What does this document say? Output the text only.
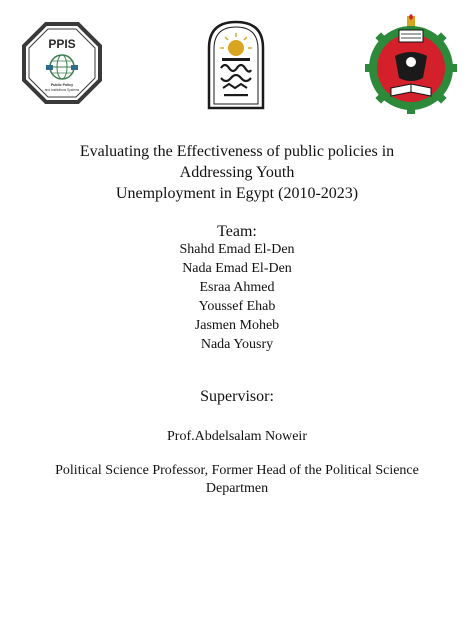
PPIS
Public Policy
and Institutions Systems
Evaluating the Effectiveness of public policies in
Addressing Youth
Unemployment in Egypt (2010-2023)
Team:
Shahd Emad El-Den
Nada Emad El-Den
Esraa Ahmed
Youssef Ehab
Jasmen Moheb
Nada Yousry
Supervisor:
Prof.Abdelsalam Noweir
Political Science Professor, Former Head of the Political Science
Departmen
